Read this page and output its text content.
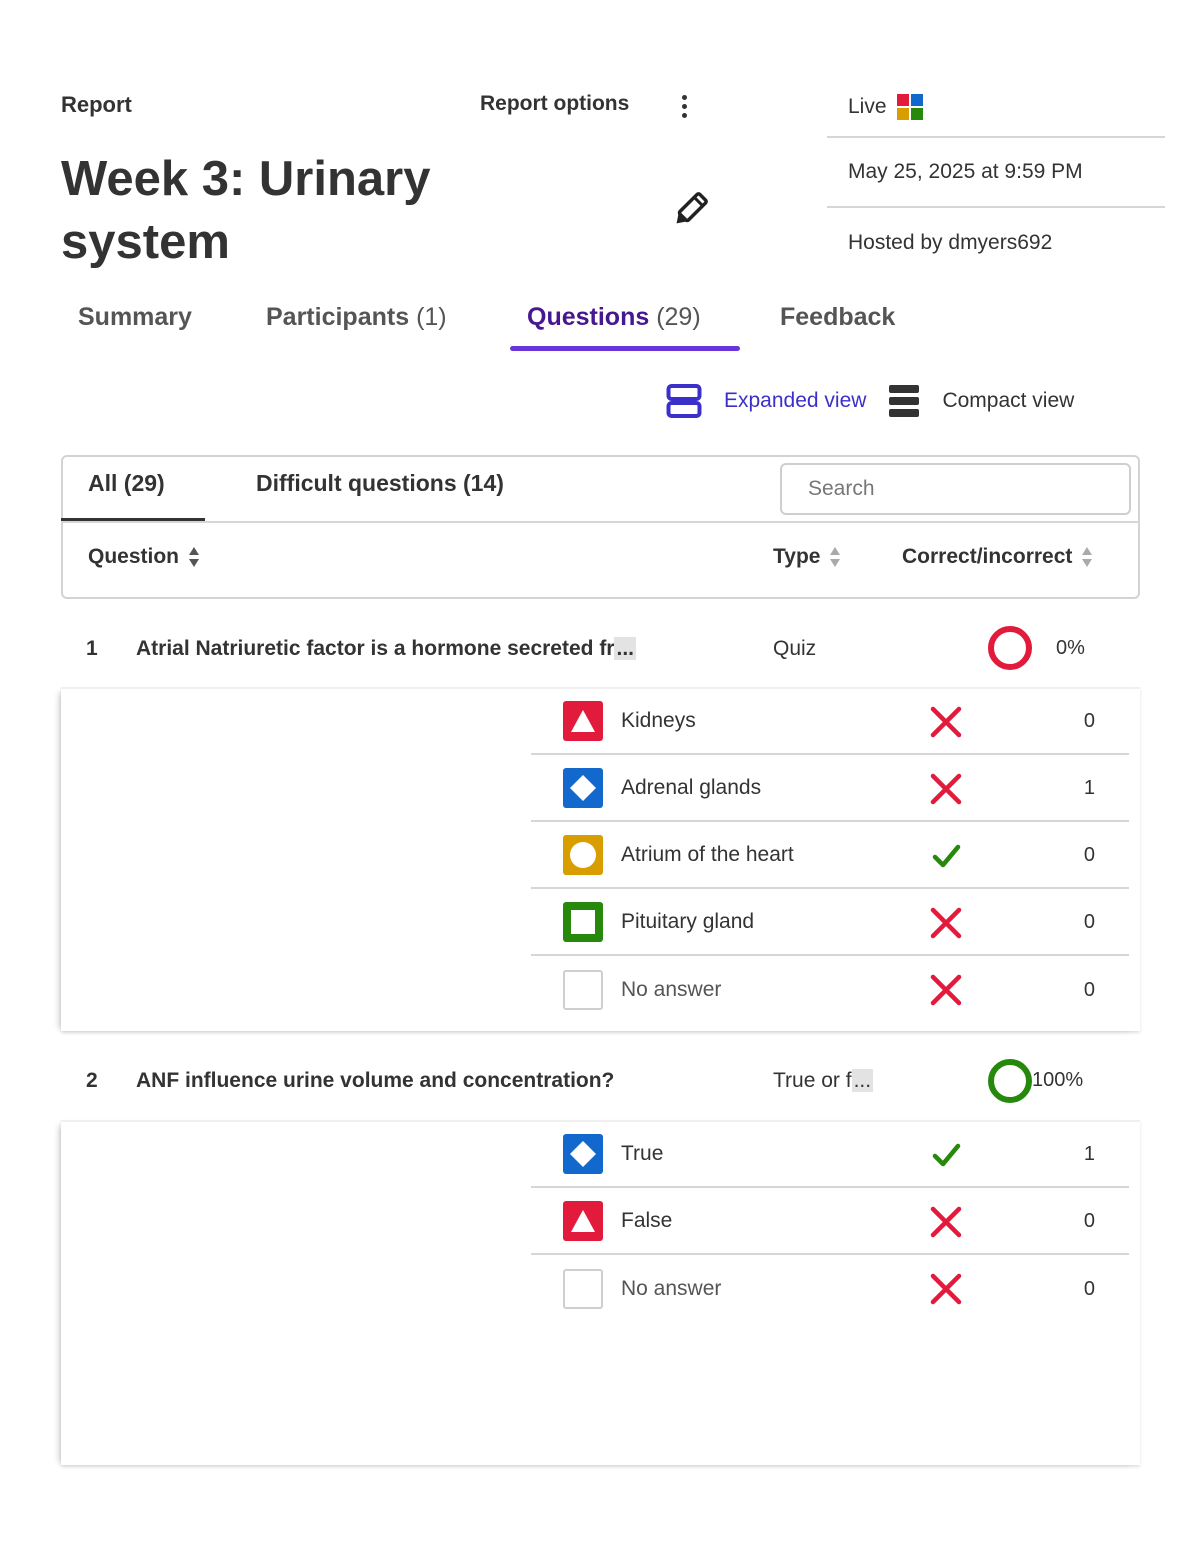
Report	Report options
Week 3: Urinary system
Live
May 25, 2025 at 9:59 PM
Hosted by dmyers692
Summary	Participants (1)	Questions (29)	Feedback
Expanded view	Compact view
All (29)	Difficult questions (14)
Search
Question	Type	Correct/incorrect
1 Atrial Natriuretic factor is a hormone secreted fr...	Quiz	0%
Kidneys	0
Adrenal glands	1
Atrium of the heart	0
Pituitary gland	0
No answer	0
2 ANF influence urine volume and concentration?	True or f...	100%
True	1
False	0
No answer	0
